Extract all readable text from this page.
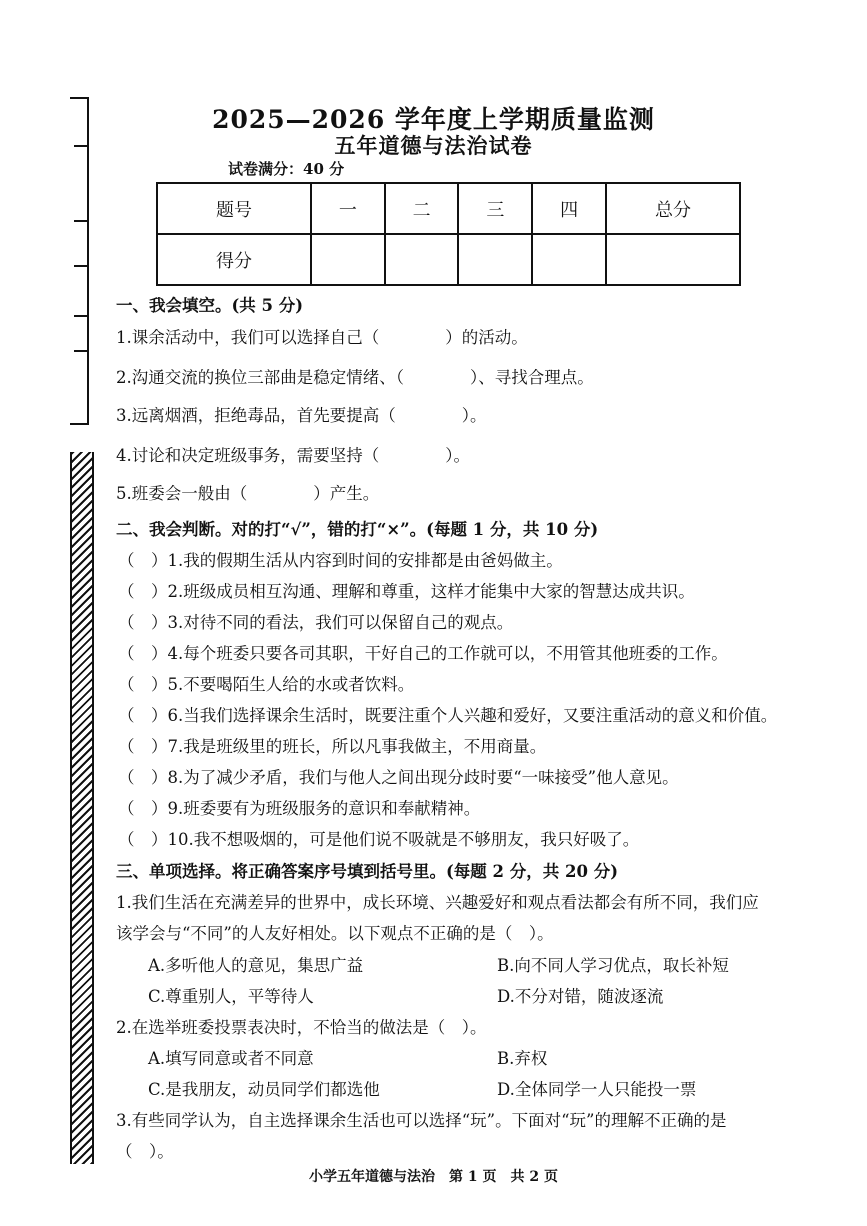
2025—2026 学年度上学期质量监测
五年道德与法治试卷
试卷满分：40 分
题号	一	二	三	四	总分
得分					
一、我会填空。(共 5 分)
1.课余活动中，我们可以选择自己（　　　　）的活动。
2.沟通交流的换位三部曲是稳定情绪、（　　　　）、寻找合理点。
3.远离烟酒，拒绝毒品，首先要提高（　　　　）。
4.讨论和决定班级事务，需要坚持（　　　　）。
5.班委会一般由（　　　　）产生。
二、我会判断。对的打“√”，错的打“×”。(每题 1 分，共 10 分)
（　）1.我的假期生活从内容到时间的安排都是由爸妈做主。
（　）2.班级成员相互沟通、理解和尊重，这样才能集中大家的智慧达成共识。
（　）3.对待不同的看法，我们可以保留自己的观点。
（　）4.每个班委只要各司其职，干好自己的工作就可以，不用管其他班委的工作。
（　）5.不要喝陌生人给的水或者饮料。
（　）6.当我们选择课余生活时，既要注重个人兴趣和爱好，又要注重活动的意义和价值。
（　）7.我是班级里的班长，所以凡事我做主，不用商量。
（　）8.为了减少矛盾，我们与他人之间出现分歧时要“一味接受”他人意见。
（　）9.班委要有为班级服务的意识和奉献精神。
（　）10.我不想吸烟的，可是他们说不吸就是不够朋友，我只好吸了。
三、单项选择。将正确答案序号填到括号里。(每题 2 分，共 20 分)
1.我们生活在充满差异的世界中，成长环境、兴趣爱好和观点看法都会有所不同，我们应
该学会与“不同”的人友好相处。以下观点不正确的是（　）。
A.多听他人的意见，集思广益	B.向不同人学习优点，取长补短
C.尊重别人，平等待人	D.不分对错，随波逐流
2.在选举班委投票表决时，不恰当的做法是（　）。
A.填写同意或者不同意	B.弃权
C.是我朋友，动员同学们都选他	D.全体同学一人只能投一票
3.有些同学认为，自主选择课余生活也可以选择“玩”。下面对“玩”的理解不正确的是
（　）。
小学五年道德与法治　第 1 页　共 2 页
